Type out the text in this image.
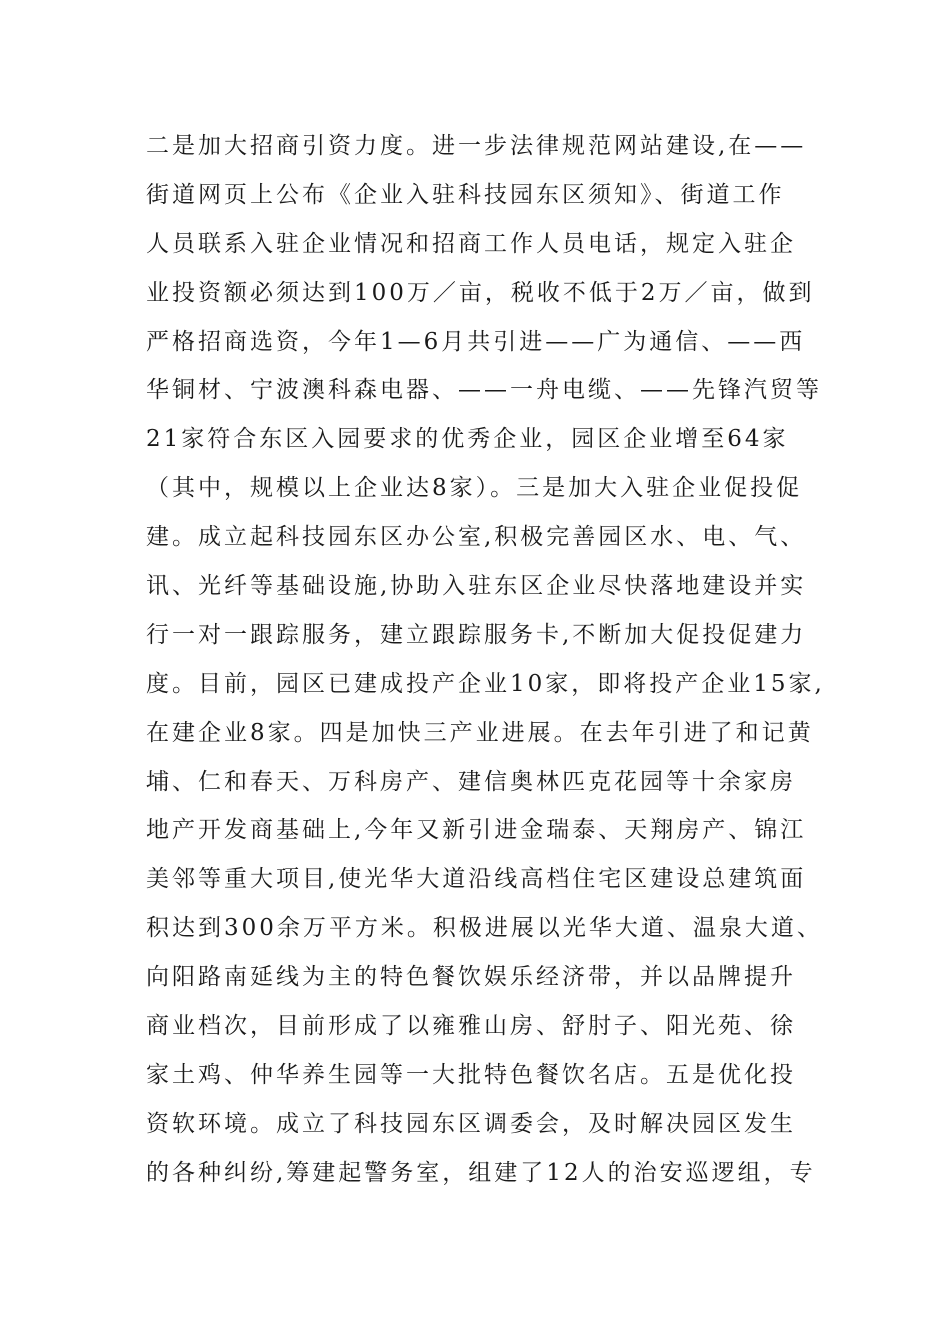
二是加大招商引资力度。进一步法律规范网站建设,在——
街道网页上公布《企业入驻科技园东区须知》、街道工作
人员联系入驻企业情况和招商工作人员电话，规定入驻企
业投资额必须达到100万／亩，税收不低于2万／亩，做到
严格招商选资，今年1—6月共引进——广为通信、——西
华铜材、宁波澳科森电器、——一舟电缆、——先锋汽贸等
21家符合东区入园要求的优秀企业，园区企业增至64家
（其中，规模以上企业达8家）。三是加大入驻企业促投促
建。成立起科技园东区办公室,积极完善园区水、电、气、
讯、光纤等基础设施,协助入驻东区企业尽快落地建设并实
行一对一跟踪服务，建立跟踪服务卡,不断加大促投促建力
度。目前，园区已建成投产企业10家，即将投产企业15家,
在建企业8家。四是加快三产业进展。在去年引进了和记黄
埔、仁和春天、万科房产、建信奥林匹克花园等十余家房
地产开发商基础上,今年又新引进金瑞泰、天翔房产、锦江
美邻等重大项目,使光华大道沿线高档住宅区建设总建筑面
积达到300余万平方米。积极进展以光华大道、温泉大道、
向阳路南延线为主的特色餐饮娱乐经济带，并以品牌提升
商业档次，目前形成了以雍雅山房、舒肘子、阳光苑、徐
家土鸡、仲华养生园等一大批特色餐饮名店。五是优化投
资软环境。成立了科技园东区调委会，及时解决园区发生
的各种纠纷,筹建起警务室，组建了12人的治安巡逻组，专
